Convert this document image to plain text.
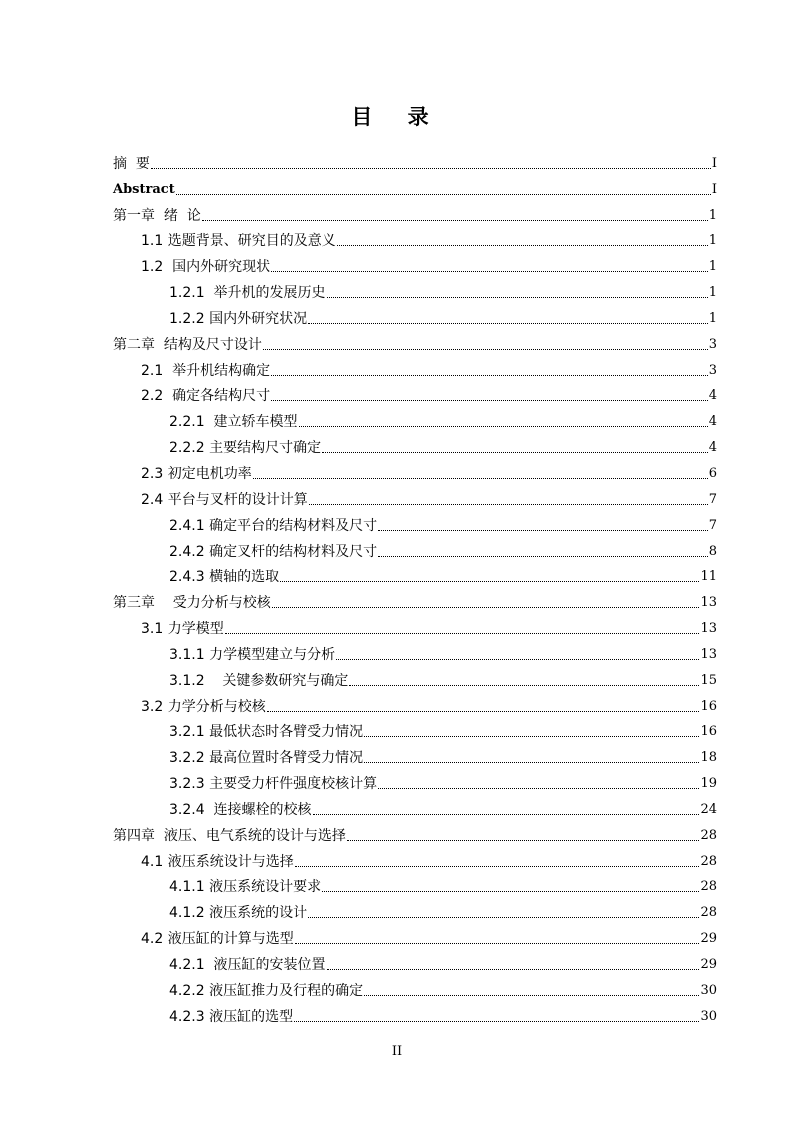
目 录
摘  要	I
Abstract	I
第一章  绪  论	1
1.1 选题背景、研究目的及意义	1
1.2  国内外研究现状	1
1.2.1  举升机的发展历史	1
1.2.2 国内外研究状况	1
第二章  结构及尺寸设计	3
2.1  举升机结构确定	3
2.2  确定各结构尺寸	4
2.2.1  建立轿车模型	4
2.2.2 主要结构尺寸确定	4
2.3 初定电机功率	6
2.4 平台与叉杆的设计计算	7
2.4.1 确定平台的结构材料及尺寸	7
2.4.2 确定叉杆的结构材料及尺寸	8
2.4.3 横轴的选取	11
第三章    受力分析与校核	13
3.1 力学模型	13
3.1.1 力学模型建立与分析	13
3.1.2    关键参数研究与确定	15
3.2 力学分析与校核	16
3.2.1 最低状态时各臂受力情况	16
3.2.2 最高位置时各臂受力情况	18
3.2.3 主要受力杆件强度校核计算	19
3.2.4  连接螺栓的校核	24
第四章  液压、电气系统的设计与选择	28
4.1 液压系统设计与选择	28
4.1.1 液压系统设计要求	28
4.1.2 液压系统的设计	28
4.2 液压缸的计算与选型	29
4.2.1  液压缸的安装位置	29
4.2.2 液压缸推力及行程的确定	30
4.2.3 液压缸的选型	30
II
